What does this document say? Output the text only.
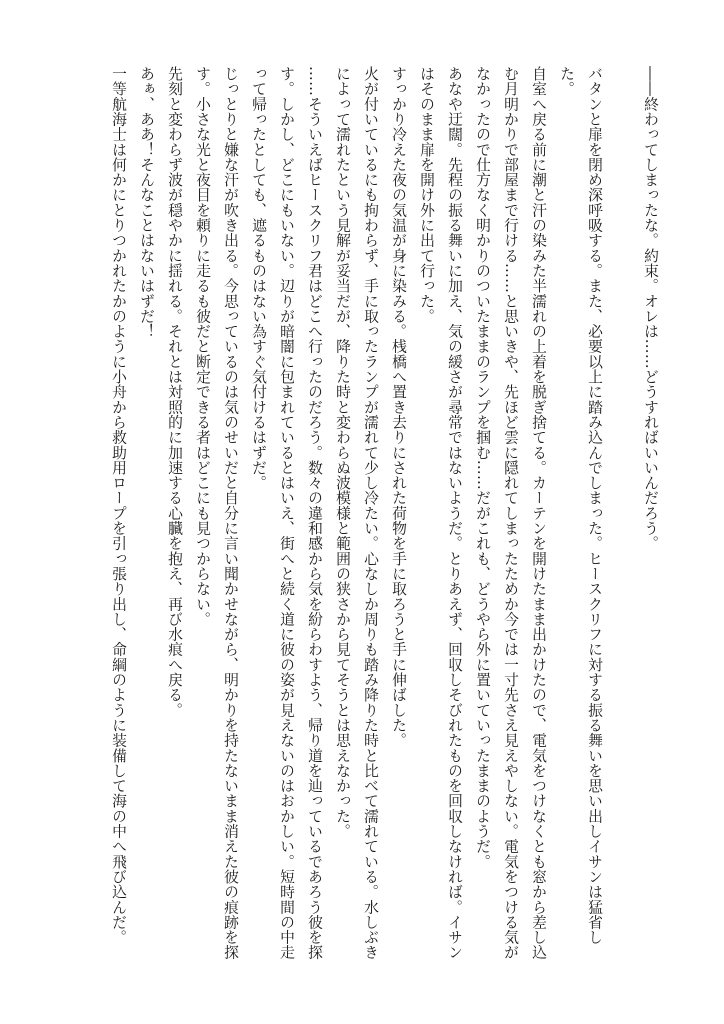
――終わってしまったな。約束。オレは……どうすればいいんだろう。

バタンと扉を閉め深呼吸する。また、必要以上に踏み込んでしまった。ヒースクリフに対する振る舞いを思い出しイサンは猛省した。

自室へ戻る前に潮と汗の染みた半濡れの上着を脱ぎ捨てる。カーテンを開けたまま出かけたので、電気をつけなくとも窓から差し込む月明かりで部屋まで行ける……と思いきや、先ほど雲に隠れてしまったためか今では一寸先さえ見えやしない。電気をつける気がなかったので仕方なく明かりのついたままのランプを掴む……だがこれも、どうやら外に置いていったままのようだ。

あなや迂闊。先程の振る舞いに加え、気の緩さが尋常ではないようだ。とりあえず、回収しそびれたものを回収しなければ。イサンはそのまま扉を開け外に出て行った。

すっかり冷えた夜の気温が身に染みる。桟橋へ置き去りにされた荷物を手に取ろうと手に伸ばした。

火が付いているにも拘わらず、手に取ったランプが濡れて少し冷たい。心なしか周りも踏み降りた時と比べて濡れている。水しぶきによって濡れたという見解が妥当だが、降りた時と変わらぬ波模様と範囲の狭さから見てそうとは思えなかった。

……そういえばヒースクリフ君はどこへ行ったのだろう。数々の違和感から気を紛らわすよう、帰り道を辿っているであろう彼を探す。しかし、どこにもいない。辺りが暗闇に包まれているとはいえ、街へと続く道に彼の姿が見えないのはおかしい。短時間の中走って帰ったとしても、遮るものはない為すぐ気付けるはずだ。

じっとりと嫌な汗が吹き出る。今思っているのは気のせいだと自分に言い聞かせながら、明かりを持たないまま消えた彼の痕跡を探す。小さな光と夜目を頼りに走るも彼だと断定できる者はどこにも見つからない。

先刻と変わらず波が穏やかに揺れる。それとは対照的に加速する心臓を抱え、再び水痕へ戻る。

あぁ、ああ！そんなことはないはずだ！

一等航海士は何かにとりつかれたかのように小舟から救助用ロープを引っ張り出し、命綱のように装備して海の中へ飛び込んだ。
